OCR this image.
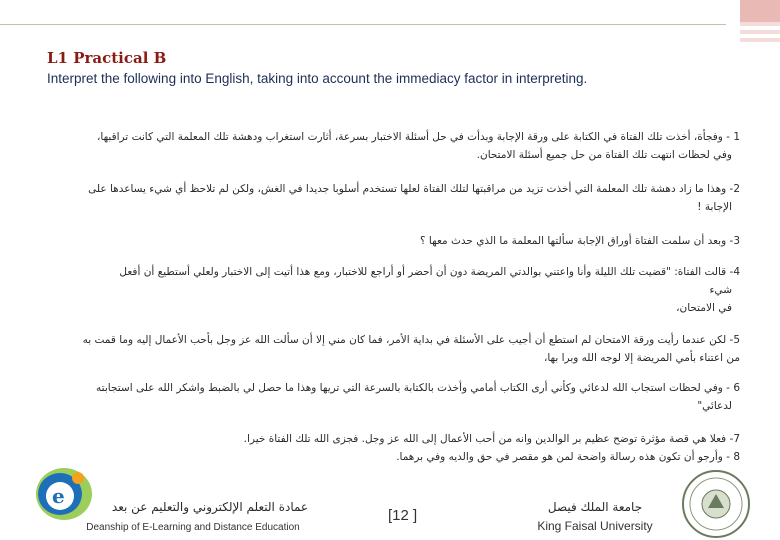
L1 Practical B
Interpret the following into English, taking into account the immediacy factor in interpreting.
1 - وفجأة، أخذت تلك الفتاة في الكتابة على ورقة الإجابة وبدأت في حل أسئلة الاختبار بسرعة، أثارت استغراب ودهشة تلك المعلمة التي كانت تراقبها،
وفي لحظات انتهت تلك الفتاة من حل جميع أسئلة الامتحان.
2- وهذا ما زاد دهشة تلك المعلمة التي أخذت تزيد من مراقبتها لتلك الفتاة لعلها تستخدم أسلوبا جديدا في الغش، ولكن لم تلاحظ أي شيء يساعدها على
الإجابة !
3- وبعد أن سلمت الفتاة أوراق الإجابة سألتها المعلمة ما الذي حدث معها ؟
4- قالت الفتاة: "قضيت تلك الليلة وأنا واعتني بوالدتي المريضة دون أن أحضر أو أراجع للاختبار، ومع هذا أتيت إلى الاختبار ولعلي أستطيع أن أفعل
شيء
في الامتحان،
5- لكن عندما رأيت ورقة الامتحان لم استطع أن أجيب على الأسئلة في بداية الأمر، فما كان مني إلا أن سألت الله عز وجل بأحب الأعمال إليه وما قمت به
من اعتناء بأمي المريضة إلا لوجه الله وبرا بها،
6 - وفي لحظات استجاب الله لدعائي وكأني أرى الكتاب أمامي وأخذت بالكتابة بالسرعة التي تريها وهذا ما حصل لي بالضبط واشكر الله على استجابته
لدعائي"
7- فعلا هي قصة مؤثرة توضح عظيم بر الوالدين وانه من أحب الأعمال إلى الله عز وجل. فجزى الله تلك الفتاة خيرا.
8 - وأرجو أن تكون هذه رسالة واضحة لمن هو مقصر في حق والديه وفي برهما.
e	عمادة التعلم الإلكتروني والتعليم عن بعد
Deanship of E-Learning and Distance Education
[12 ]	جامعة الملك فيصل
King Faisal University
